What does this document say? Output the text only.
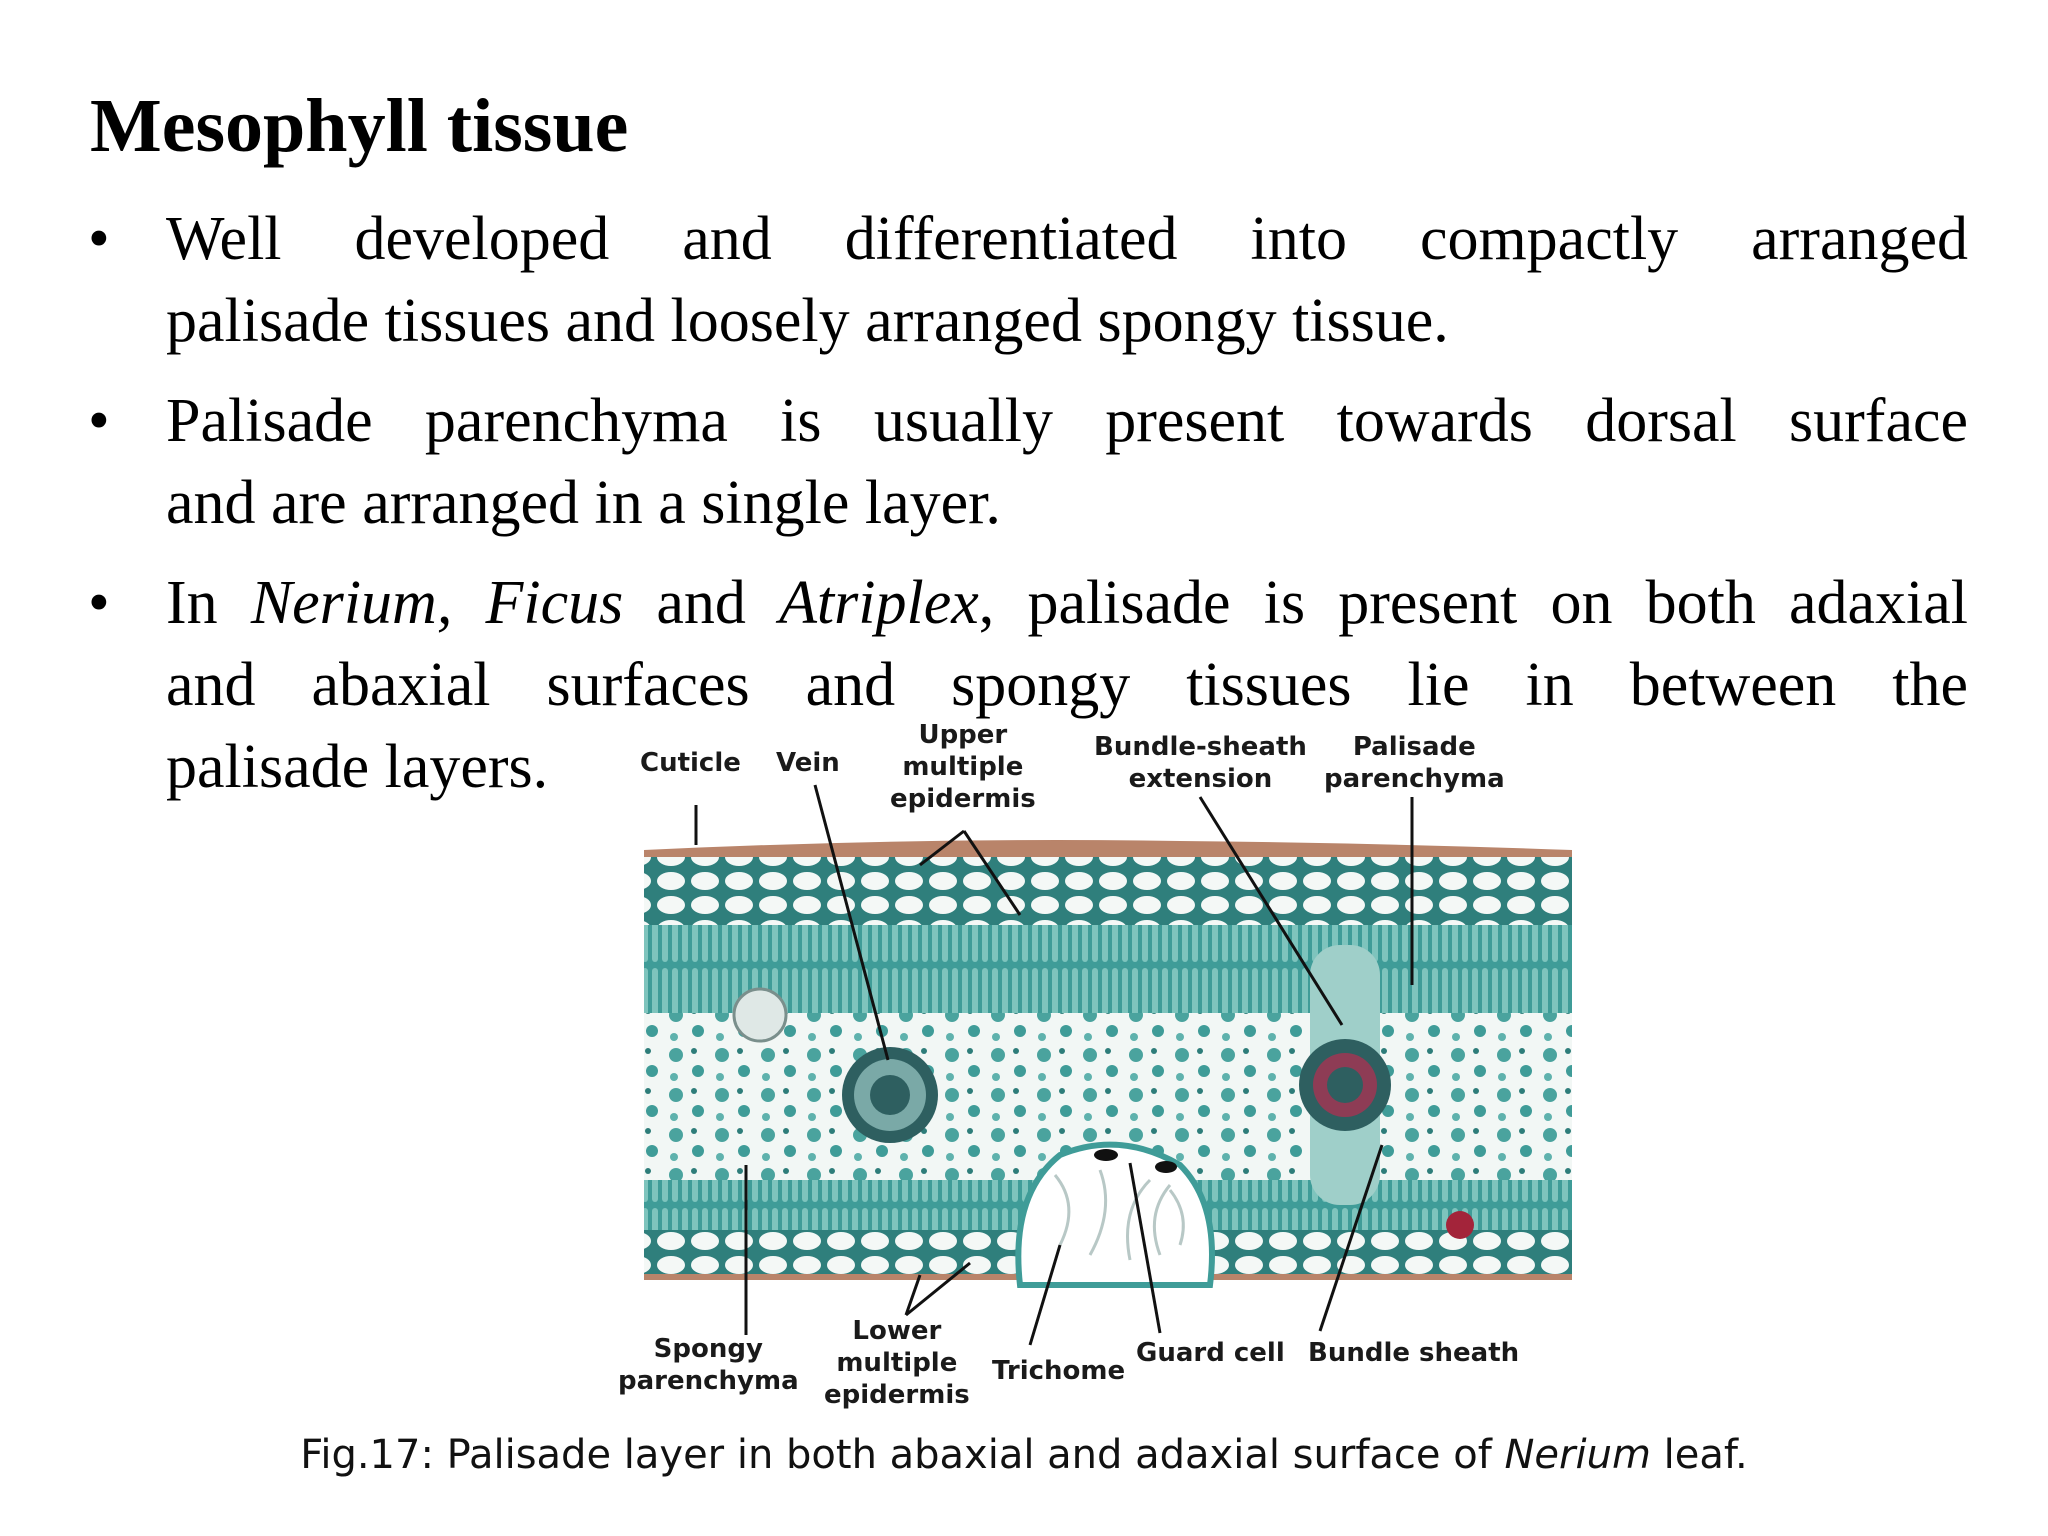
Mesophyll tissue
• Well developed and differentiated into compactly arranged
palisade tissues and loosely arranged spongy tissue.
• Palisade parenchyma is usually present towards dorsal surface
and are arranged in a single layer.
• In Nerium, Ficus and Atriplex, palisade is present on both adaxial
and abaxial surfaces and spongy tissues lie in between the
palisade layers.	Cuticle Vein
Upper
multiple
epidermis
Bundle-sheath
extension
Palisade
parenchyma
Spongy
parenchyma
Lower
multiple
epidermis
Trichome
Guard cell Bundle sheath
Fig.17: Palisade layer in both abaxial and adaxial surface of Nerium leaf.
